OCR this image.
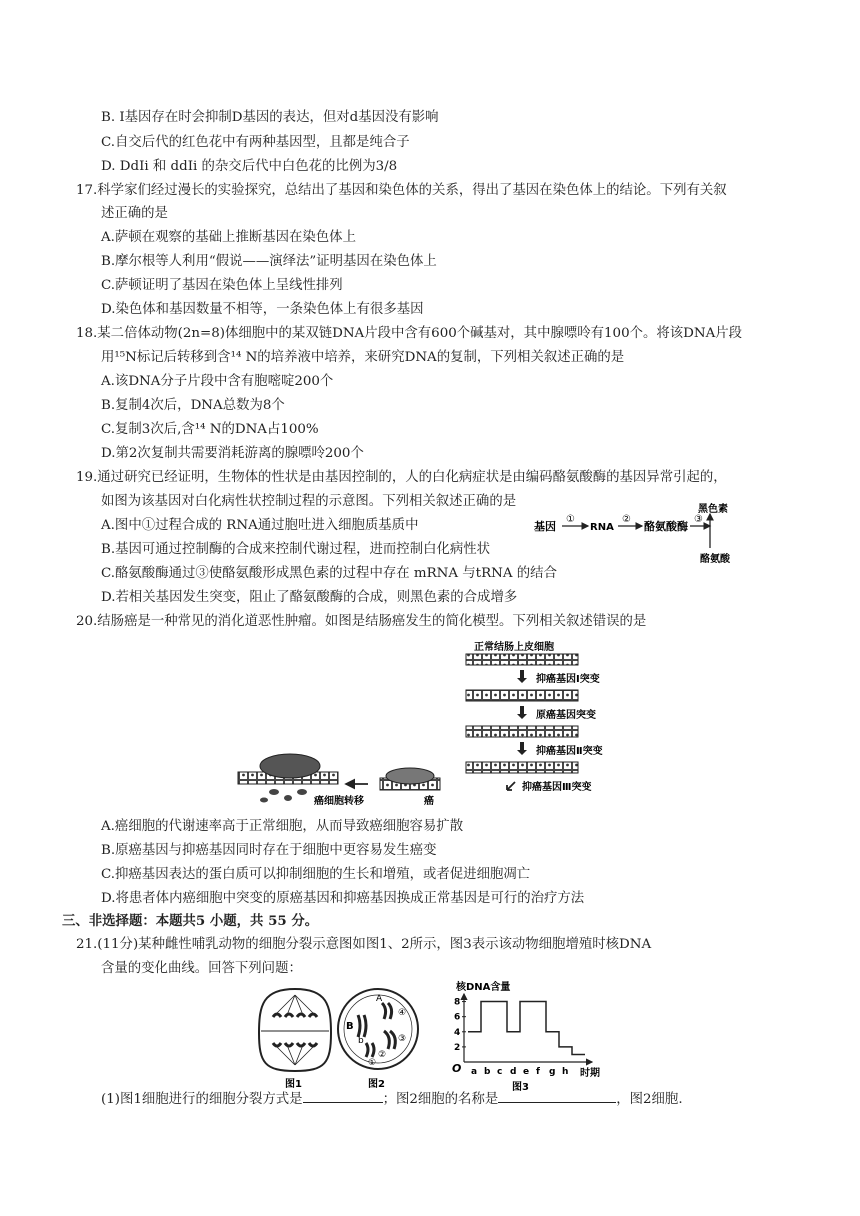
B. Ⅰ基因存在时会抑制D基因的表达，但对d基因没有影响
C.自交后代的红色花中有两种基因型，且都是纯合子
D. DdIi 和 ddIi 的杂交后代中白色花的比例为3/8
17.科学家们经过漫长的实验探究，总结出了基因和染色体的关系，得出了基因在染色体上的结论。下列有关叙
述正确的是
A.萨顿在观察的基础上推断基因在染色体上
B.摩尔根等人利用“假说——演绎法”证明基因在染色体上
C.萨顿证明了基因在染色体上呈线性排列
D.染色体和基因数量不相等，一条染色体上有很多基因
18.某二倍体动物(2n=8)体细胞中的某双链DNA片段中含有600个碱基对，其中腺嘌呤有100个。将该DNA片段
用¹⁵N标记后转移到含¹⁴ N的培养液中培养，来研究DNA的复制，下列相关叙述正确的是
A.该DNA分子片段中含有胞嘧啶200个
B.复制4次后，DNA总数为8个
C.复制3次后,含¹⁴ N的DNA占100%
D.第2次复制共需要消耗游离的腺嘌呤200个
19.通过研究已经证明，生物体的性状是由基因控制的，人的白化病症状是由编码酪氨酸酶的基因异常引起的，
如图为该基因对白化病性状控制过程的示意图。下列相关叙述正确的是
A.图中①过程合成的 RNA通过胞吐进入细胞质基质中
B.基因可通过控制酶的合成来控制代谢过程，进而控制白化病性状
C.酪氨酸酶通过③使酪氨酸形成黑色素的过程中存在 mRNA 与tRNA 的结合
D.若相关基因发生突变，阻止了酪氨酸酶的合成，则黑色素的合成增多
基因
①
RNA
②
酪氨酸酶
③
黑色素
酪氨酸
20.结肠癌是一种常见的消化道恶性肿瘤。如图是结肠癌发生的简化模型。下列相关叙述错误的是
正常结肠上皮细胞
抑癌基因Ⅰ突变
原癌基因突变
抑癌基因Ⅱ突变
抑癌基因Ⅲ突变
癌
癌细胞转移
A.癌细胞的代谢速率高于正常细胞，从而导致癌细胞容易扩散
B.原癌基因与抑癌基因同时存在于细胞中更容易发生癌变
C.抑癌基因表达的蛋白质可以抑制细胞的生长和增殖，或者促进细胞凋亡
D.将患者体内癌细胞中突变的原癌基因和抑癌基因换成正常基因是可行的治疗方法
三、非选择题：本题共5 小题，共 55 分。
21.(11分)某种雌性哺乳动物的细胞分裂示意图如图1、2所示，图3表示该动物细胞增殖时核DNA
含量的变化曲线。回答下列问题：
图1
B
b
A
④
③
①
②
图2
核DNA含量
O	时期
2
4
6
8
a b c d e f g h
图3
(1)图1细胞进行的细胞分裂方式是	；图2细胞的名称是	，图2细胞.
